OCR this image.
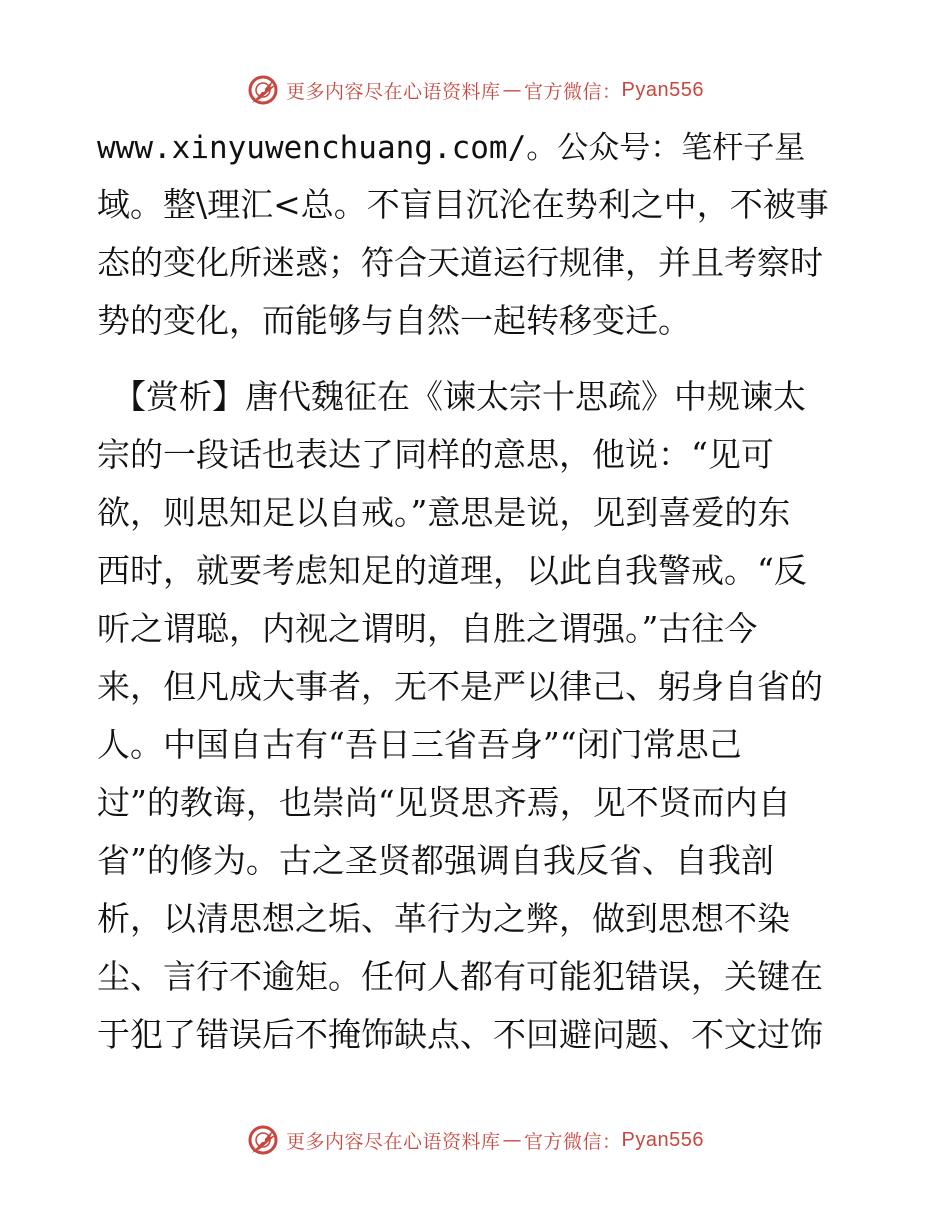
更多内容尽在心语资料库 — 官方微信： Pyan556
www.xinyuwenchuang.com/。公众号：笔杆子星
域。整\理汇<总。不盲目沉沦在势利之中，不被事
态的变化所迷惑；符合天道运行规律，并且考察时
势的变化，而能够与自然一起转移变迁。
【赏析】唐代魏征在《谏太宗十思疏》中规谏太
宗的一段话也表达了同样的意思，他说：“见可
欲，则思知足以自戒。”意思是说，见到喜爱的东
西时，就要考虑知足的道理，以此自我警戒。“反
听之谓聪，内视之谓明，自胜之谓强。”古往今
来，但凡成大事者，无不是严以律己、躬身自省的
人。中国自古有“吾日三省吾身”“闭门常思己
过”的教诲，也崇尚“见贤思齐焉，见不贤而内自
省”的修为。古之圣贤都强调自我反省、自我剖
析，以清思想之垢、革行为之弊，做到思想不染
尘、言行不逾矩。任何人都有可能犯错误，关键在
于犯了错误后不掩饰缺点、不回避问题、不文过饰
更多内容尽在心语资料库 — 官方微信： Pyan556
